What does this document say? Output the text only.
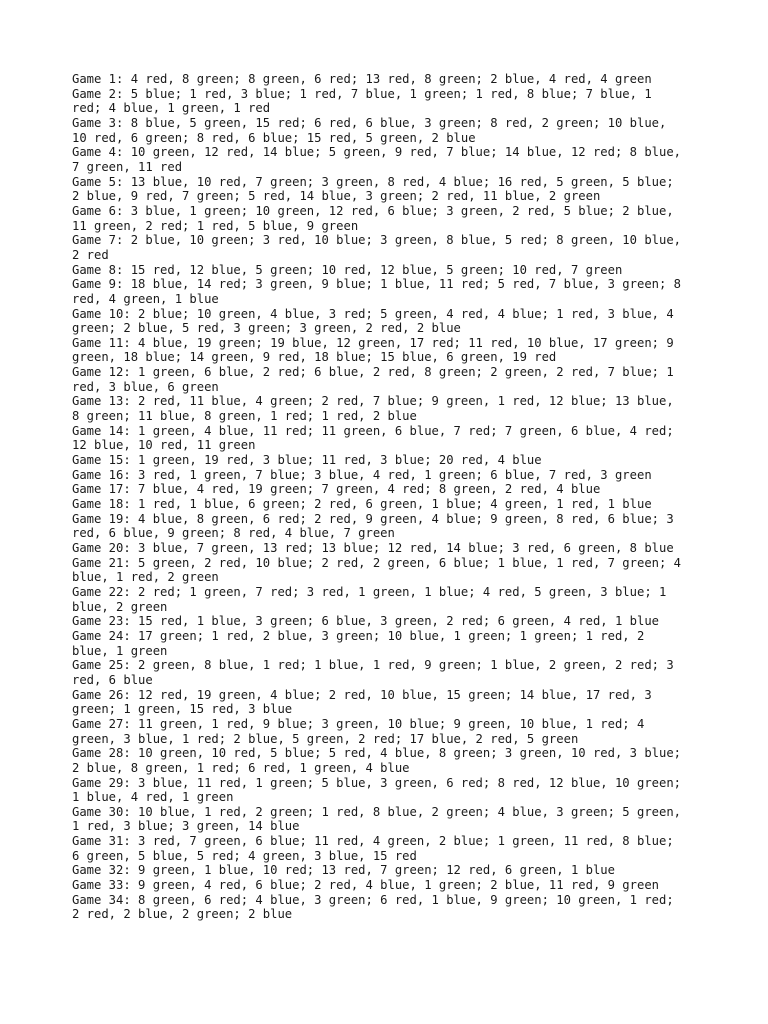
Game 1: 4 red, 8 green; 8 green, 6 red; 13 red, 8 green; 2 blue, 4 red, 4 green
Game 2: 5 blue; 1 red, 3 blue; 1 red, 7 blue, 1 green; 1 red, 8 blue; 7 blue, 1
red; 4 blue, 1 green, 1 red
Game 3: 8 blue, 5 green, 15 red; 6 red, 6 blue, 3 green; 8 red, 2 green; 10 blue,
10 red, 6 green; 8 red, 6 blue; 15 red, 5 green, 2 blue
Game 4: 10 green, 12 red, 14 blue; 5 green, 9 red, 7 blue; 14 blue, 12 red; 8 blue,
7 green, 11 red
Game 5: 13 blue, 10 red, 7 green; 3 green, 8 red, 4 blue; 16 red, 5 green, 5 blue;
2 blue, 9 red, 7 green; 5 red, 14 blue, 3 green; 2 red, 11 blue, 2 green
Game 6: 3 blue, 1 green; 10 green, 12 red, 6 blue; 3 green, 2 red, 5 blue; 2 blue,
11 green, 2 red; 1 red, 5 blue, 9 green
Game 7: 2 blue, 10 green; 3 red, 10 blue; 3 green, 8 blue, 5 red; 8 green, 10 blue,
2 red
Game 8: 15 red, 12 blue, 5 green; 10 red, 12 blue, 5 green; 10 red, 7 green
Game 9: 18 blue, 14 red; 3 green, 9 blue; 1 blue, 11 red; 5 red, 7 blue, 3 green; 8
red, 4 green, 1 blue
Game 10: 2 blue; 10 green, 4 blue, 3 red; 5 green, 4 red, 4 blue; 1 red, 3 blue, 4
green; 2 blue, 5 red, 3 green; 3 green, 2 red, 2 blue
Game 11: 4 blue, 19 green; 19 blue, 12 green, 17 red; 11 red, 10 blue, 17 green; 9
green, 18 blue; 14 green, 9 red, 18 blue; 15 blue, 6 green, 19 red
Game 12: 1 green, 6 blue, 2 red; 6 blue, 2 red, 8 green; 2 green, 2 red, 7 blue; 1
red, 3 blue, 6 green
Game 13: 2 red, 11 blue, 4 green; 2 red, 7 blue; 9 green, 1 red, 12 blue; 13 blue,
8 green; 11 blue, 8 green, 1 red; 1 red, 2 blue
Game 14: 1 green, 4 blue, 11 red; 11 green, 6 blue, 7 red; 7 green, 6 blue, 4 red;
12 blue, 10 red, 11 green
Game 15: 1 green, 19 red, 3 blue; 11 red, 3 blue; 20 red, 4 blue
Game 16: 3 red, 1 green, 7 blue; 3 blue, 4 red, 1 green; 6 blue, 7 red, 3 green
Game 17: 7 blue, 4 red, 19 green; 7 green, 4 red; 8 green, 2 red, 4 blue
Game 18: 1 red, 1 blue, 6 green; 2 red, 6 green, 1 blue; 4 green, 1 red, 1 blue
Game 19: 4 blue, 8 green, 6 red; 2 red, 9 green, 4 blue; 9 green, 8 red, 6 blue; 3
red, 6 blue, 9 green; 8 red, 4 blue, 7 green
Game 20: 3 blue, 7 green, 13 red; 13 blue; 12 red, 14 blue; 3 red, 6 green, 8 blue
Game 21: 5 green, 2 red, 10 blue; 2 red, 2 green, 6 blue; 1 blue, 1 red, 7 green; 4
blue, 1 red, 2 green
Game 22: 2 red; 1 green, 7 red; 3 red, 1 green, 1 blue; 4 red, 5 green, 3 blue; 1
blue, 2 green
Game 23: 15 red, 1 blue, 3 green; 6 blue, 3 green, 2 red; 6 green, 4 red, 1 blue
Game 24: 17 green; 1 red, 2 blue, 3 green; 10 blue, 1 green; 1 green; 1 red, 2
blue, 1 green
Game 25: 2 green, 8 blue, 1 red; 1 blue, 1 red, 9 green; 1 blue, 2 green, 2 red; 3
red, 6 blue
Game 26: 12 red, 19 green, 4 blue; 2 red, 10 blue, 15 green; 14 blue, 17 red, 3
green; 1 green, 15 red, 3 blue
Game 27: 11 green, 1 red, 9 blue; 3 green, 10 blue; 9 green, 10 blue, 1 red; 4
green, 3 blue, 1 red; 2 blue, 5 green, 2 red; 17 blue, 2 red, 5 green
Game 28: 10 green, 10 red, 5 blue; 5 red, 4 blue, 8 green; 3 green, 10 red, 3 blue;
2 blue, 8 green, 1 red; 6 red, 1 green, 4 blue
Game 29: 3 blue, 11 red, 1 green; 5 blue, 3 green, 6 red; 8 red, 12 blue, 10 green;
1 blue, 4 red, 1 green
Game 30: 10 blue, 1 red, 2 green; 1 red, 8 blue, 2 green; 4 blue, 3 green; 5 green,
1 red, 3 blue; 3 green, 14 blue
Game 31: 3 red, 7 green, 6 blue; 11 red, 4 green, 2 blue; 1 green, 11 red, 8 blue;
6 green, 5 blue, 5 red; 4 green, 3 blue, 15 red
Game 32: 9 green, 1 blue, 10 red; 13 red, 7 green; 12 red, 6 green, 1 blue
Game 33: 9 green, 4 red, 6 blue; 2 red, 4 blue, 1 green; 2 blue, 11 red, 9 green
Game 34: 8 green, 6 red; 4 blue, 3 green; 6 red, 1 blue, 9 green; 10 green, 1 red;
2 red, 2 blue, 2 green; 2 blue
